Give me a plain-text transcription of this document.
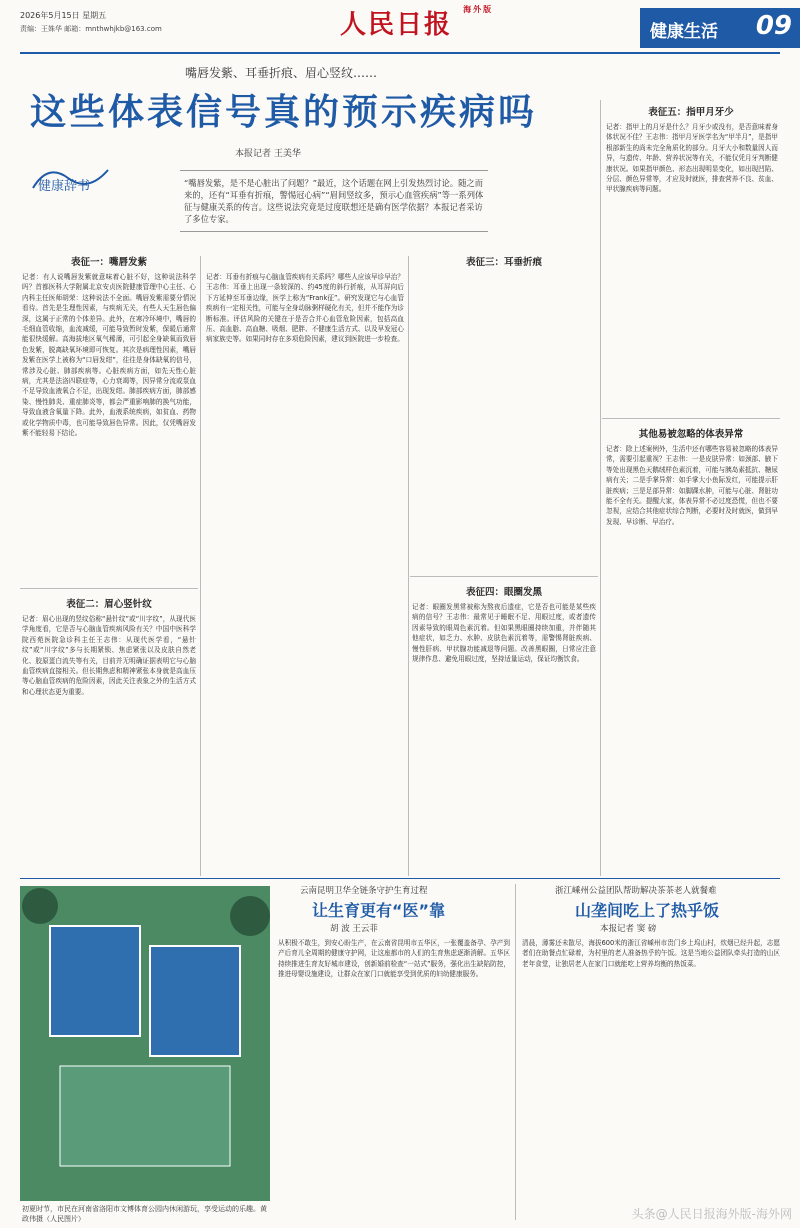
2026年5月15日 星期五
责编：王姝华 邮箱：mnthwhjkb@163.com	人民日报 $^{海外版}$
健康生活 09
嘴唇发紫、耳垂折痕、眉心竖纹……
这些体表信号真的预示疾病吗
本报记者 王美华
健康辞书	“嘴唇发紫，是不是心脏出了问题？”最近，这个话题在网上引发热烈讨论。随之而来的，还有“耳垂有折痕，警惕冠心病”“眉间竖纹多，预示心血管疾病”等一系列体征与健康关系的传言。这些说法究竟是过度联想还是确有医学依据？本报记者采访了多位专家。
表征一：嘴唇发紫
记者：有人说嘴唇发紫就意味着心脏不好，这种说法科学吗？首都医科大学附属北京安贞医院健康管理中心主任、心内科主任医师胡荣：这种说法不全面。嘴唇发紫需要分情况看待。首先是生理性因素，与疾病无关，有些人天生唇色偏深，这属于正常的个体差异。此外，在寒冷环境中，嘴唇的毛细血管收缩，血流减缓，可能导致暂时发紫，保暖后通常能很快缓解。高海拔地区氧气稀薄，可引起全身缺氧而致唇色发紫，脱离缺氧环境即可恢复。其次是病理性因素，嘴唇发紫在医学上被称为“口唇发绀”，往往是身体缺氧的信号，常涉及心脏、肺部疾病等。心脏疾病方面，如先天性心脏病，尤其是法洛四联症等，心力衰竭等，因异常分流或泵血不足导致血液氧合不足，出现发绀。肺部疾病方面，肺部感染、慢性肺炎、重症肺炎等，都会严重影响肺的换气功能，导致血液含氧量下降。此外，血液系统疾病，如贫血、药物或化学物质中毒，也可能导致唇色异常。因此，仅凭嘴唇发紫不能轻易下结论。
表征二：眉心竖针纹
记者：眉心出现的竖纹俗称“悬针纹”或“川字纹”，从现代医学角度看，它是否与心脑血管疾病风险有关？中国中医科学院西苑医院急诊科主任王志伟：从现代医学看，“悬针纹”或“川字纹”多与长期紧锁、焦虑紧张以及皮肤自然老化、胶原蛋白流失等有关，目前并无明确证据表明它与心脑血管疾病直接相关。但长期焦虑和精神紧张本身就是高血压等心脑血管疾病的危险因素，因此关注表象之外的生活方式和心理状态更为重要。
表征三：耳垂折痕
记者：耳垂有折痕与心脑血管疾病有关系吗？哪些人应该早诊早治？王志伟：耳垂上出现一条较深的、约45度的斜行折痕，从耳屏向后下方延伸至耳垂边缘，医学上称为“Frank征”。研究发现它与心血管疾病有一定相关性，可能与全身动脉粥样硬化有关，但并不能作为诊断标准。评估风险的关键在于是否合并心血管危险因素，包括高血压、高血脂、高血糖、吸烟、肥胖、不健康生活方式、以及早发冠心病家族史等。如果同时存在多项危险因素，建议到医院进一步检查。
表征四：眼圈发黑
记者：眼圈发黑常被称为熬夜后遗症，它是否也可能是某些疾病的信号？王志伟：最常见于睡眠不足、用眼过度，或者遗传因素导致的眼周色素沉着。但如果黑眼圈持续加重，并伴随其他症状，如乏力、水肿、皮肤色素沉着等，需警惕肾脏疾病、慢性肝病、甲状腺功能减退等问题。改善黑眼圈，日常应注意规律作息、避免用眼过度，坚持适量运动，保证均衡饮食。
表征五：指甲月牙少
记者：指甲上的月牙是什么？月牙少或没有，是否意味着身体状况不佳？王志伟：指甲月牙医学名为“甲半月”，是指甲根部新生的尚未完全角质化的部分。月牙大小和数量因人而异，与遗传、年龄、营养状况等有关，不能仅凭月牙判断健康状况。如果指甲颜色、形态出现明显变化，如出现凹陷、分层、颜色异常等，才应及时就医，排查营养不良、贫血、甲状腺疾病等问题。
其他易被忽略的体表异常
记者：除上述案例外，生活中还有哪些容易被忽略的体表异常，需要引起重视？王志伟：一是皮肤异常：如颈部、腋下等处出现黑色天鹅绒样色素沉着，可能与胰岛素抵抗、糖尿病有关；二是手掌异常：如手掌大小鱼际发红，可能提示肝脏疾病；三是足部异常：如脚踝水肿，可能与心脏、肾脏功能不全有关。提醒大家，体表异常不必过度恐慌，但也不要忽视，应结合其他症状综合判断，必要时及时就医，做到早发现、早诊断、早治疗。
初夏时节，市民在河南省洛阳市文博体育公园内休闲游玩，享受运动的乐趣。黄政伟摄（人民图片）
云南昆明卫华全链条守护生育过程
让生育更有“医”靠
胡 波 王云菲
从积极不敢生，到安心盼生产，在云南省昆明市五华区，一张覆盖备孕、孕产到产后育儿全周期的健康守护网，让这座都市的人们的生育焦虑逐渐消解。五华区持续推进生育友好城市建设，创新婚前检查“一站式”服务，强化出生缺陷防控，推进母婴设施建设，让群众在家门口就能享受到优质的妇幼健康服务。
浙江嵊州公益团队帮助解决茶茶老人就餐难
山垄间吃上了热乎饭
本报记者 窦 磅
清晨，薄雾还未散尽，海拔600米的浙江省嵊州市贵门乡上坞山村，炊烟已经升起，志愿者们在助餐点忙碌着，为村里的老人准备热乎的午饭。这是当地公益团队牵头打造的山区老年食堂，让独居老人在家门口就能吃上营养均衡的热饭菜。
头条@人民日报海外版-海外网
